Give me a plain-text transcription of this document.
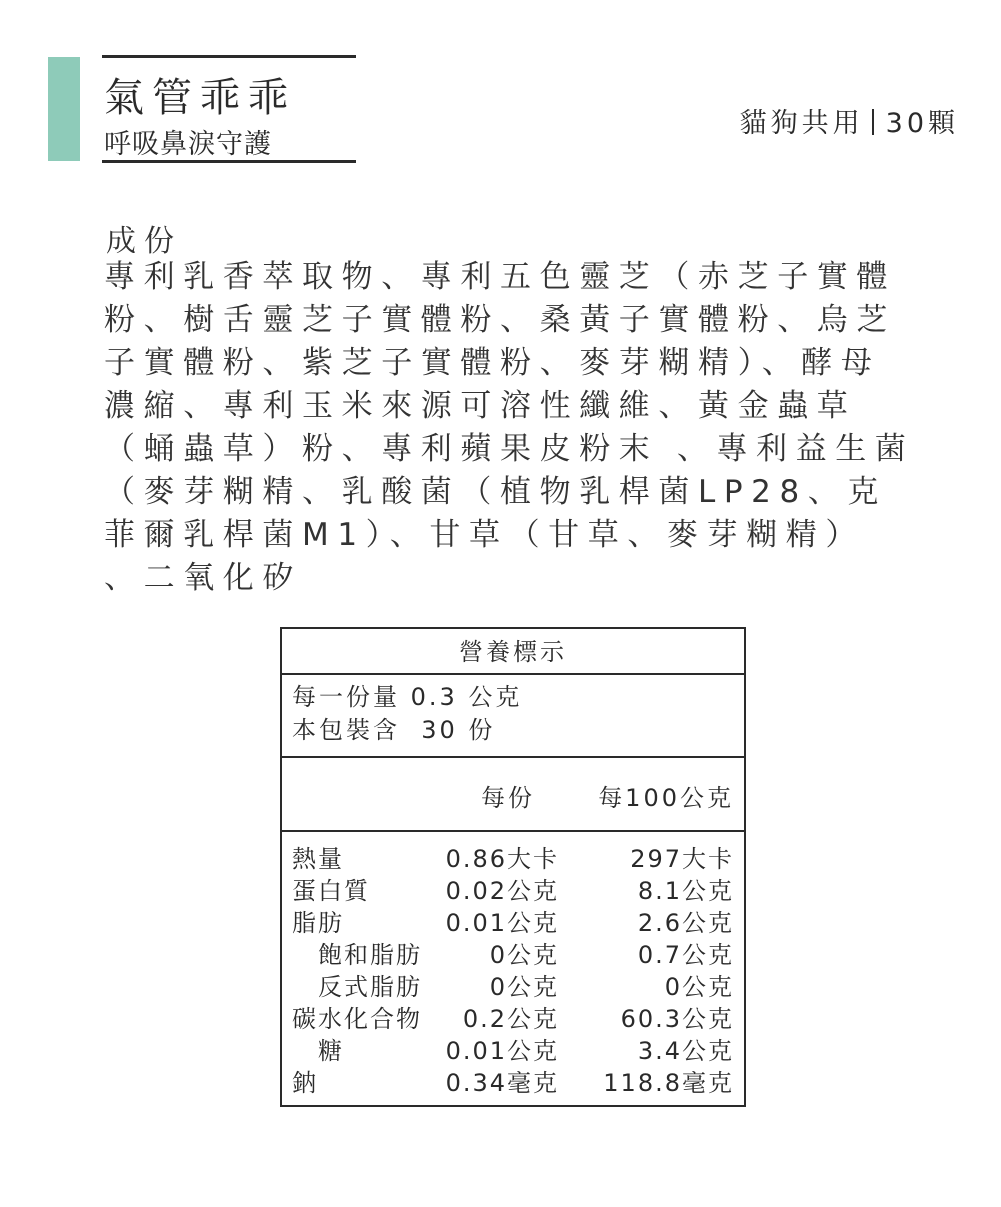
氣管乖乖
呼吸鼻淚守護
貓狗共用 30顆
成份
專利乳香萃取物、專利五色靈芝（赤芝子實體
粉、樹舌靈芝子實體粉、桑黃子實體粉、烏芝
子實體粉、紫芝子實體粉、麥芽糊精）、酵母
濃縮、專利玉米來源可溶性纖維、黃金蟲草
（蛹蟲草）粉、專利蘋果皮粉末 、專利益生菌
（麥芽糊精、乳酸菌（植物乳桿菌LP28、克
菲爾乳桿菌M1）、甘草（甘草、麥芽糊精）
、二氧化矽
營養標示
每一份量 0.3 公克
本包裝含  30 份
每份	每100公克
熱量	0.86大卡	297大卡
蛋白質	0.02公克	8.1公克
脂肪	0.01公克	2.6公克
飽和脂肪	0公克	0.7公克
反式脂肪	0公克	0公克
碳水化合物 0.2公克	60.3公克
糖	0.01公克	3.4公克
鈉	0.34毫克 118.8毫克
